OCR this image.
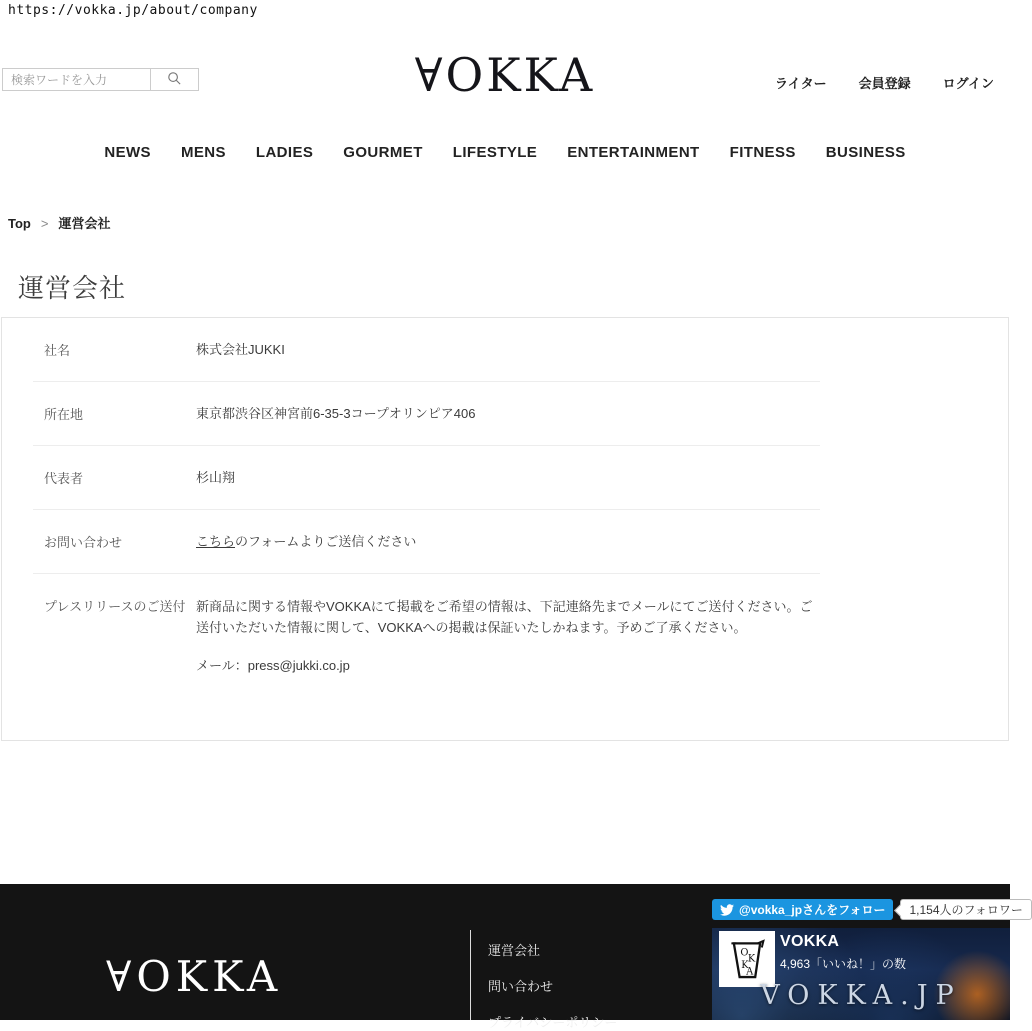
https://vokka.jp/about/company
検索ワードを入力
∀OKKA	ライター 会員登録 ログイン
NEWS MENS LADIES GOURMET LIFESTYLE ENTERTAINMENT FITNESS BUSINESS
Top > 運営会社
運営会社
社名	株式会社JUKKI
所在地	東京都渋谷区神宮前6-35-3コープオリンピア406
代表者	杉山翔
お問い合わせ	こちらのフォームよりご送信ください
プレスリリースのご送付 新商品に関する情報やVOKKAにて掲載をご希望の情報は、下記連絡先までメールにてご送付ください。ご送付いただいた情報に関して、VOKKAへの掲載は保証いたしかねます。予めご了承ください。
メール：press@jukki.co.jp
∀OKKA
運営会社
問い合わせ
プライバシーポリシー
@vokka_jpさんをフォロー	1,154人のフォロワー
O
K
K
A
VOKKA
4,963「いいね！」の数
VOKKA.JP
